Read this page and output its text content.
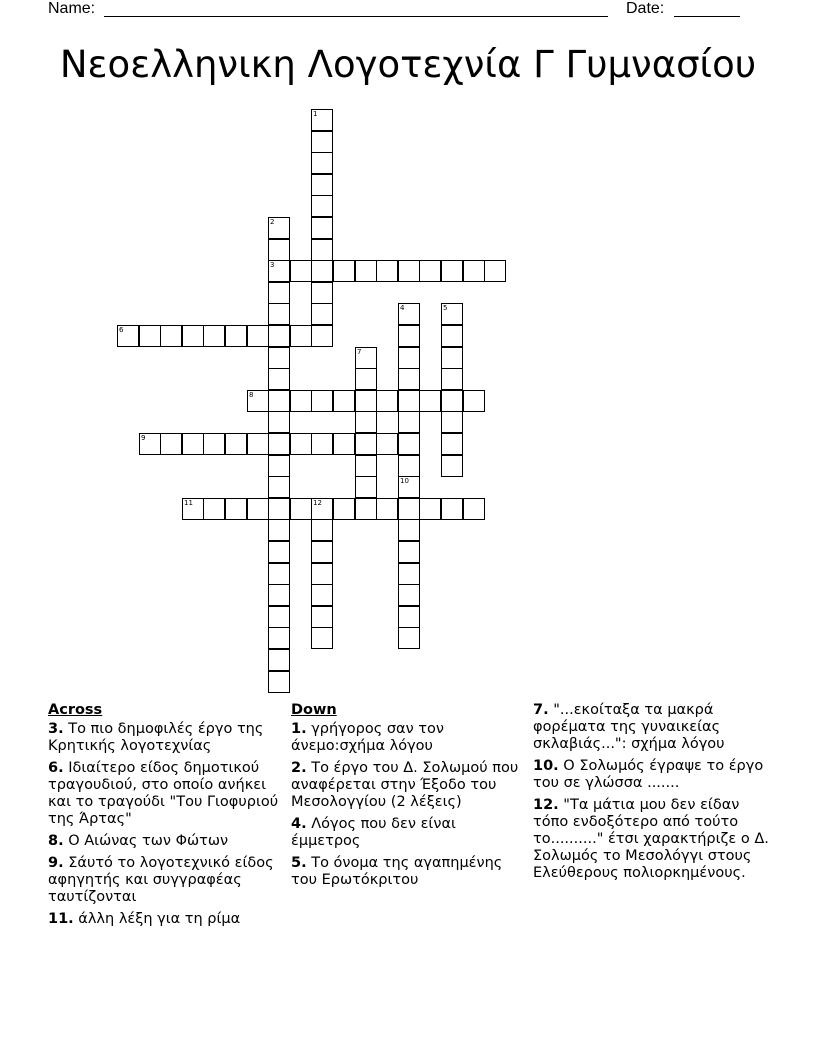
Name:	Date:
Νεοελληνικη Λογοτεχνία Γ Γυμνασίου
1
2
3
4
10
5
6
7
8
9
11	12
Across
3. Το πιο δημοφιλές έργο της Κρητικής λογοτεχνίας
6. Ιδιαίτερο είδος δημοτικού τραγουδιού, στο οποίο ανήκει και το τραγούδι "Του Γιοφυριού της Άρτας"
8. Ο Αιώνας των Φώτων
9. Σάυτό το λογοτεχνικό είδος αφηγητής και συγγραφέας ταυτίζονται
11. άλλη λέξη για τη ρίμα
Down
1. γρήγορος σαν τον άνεμο:σχήμα λόγου
2. Το έργο του Δ. Σολωμού που αναφέρεται στην Έξοδο του Μεσολογγίου (2 λέξεις)
4. Λόγος που δεν είναι έμμετρος
5. Το όνομα της αγαπημένης του Ερωτόκριτου
7. "...εκοίταξα τα μακρά φορέματα της γυναικείας σκλαβιάς...": σχήμα λόγου
10. Ο Σολωμός έγραψε το έργο του σε γλώσσα .......
12. "Τα μάτια μου δεν είδαν τόπο ενδοξότερο από τούτο το.........." έτσι χαρακτήριζε ο Δ. Σολωμός το Μεσολόγγι στους Ελεύθερους πολιορκημένους.
